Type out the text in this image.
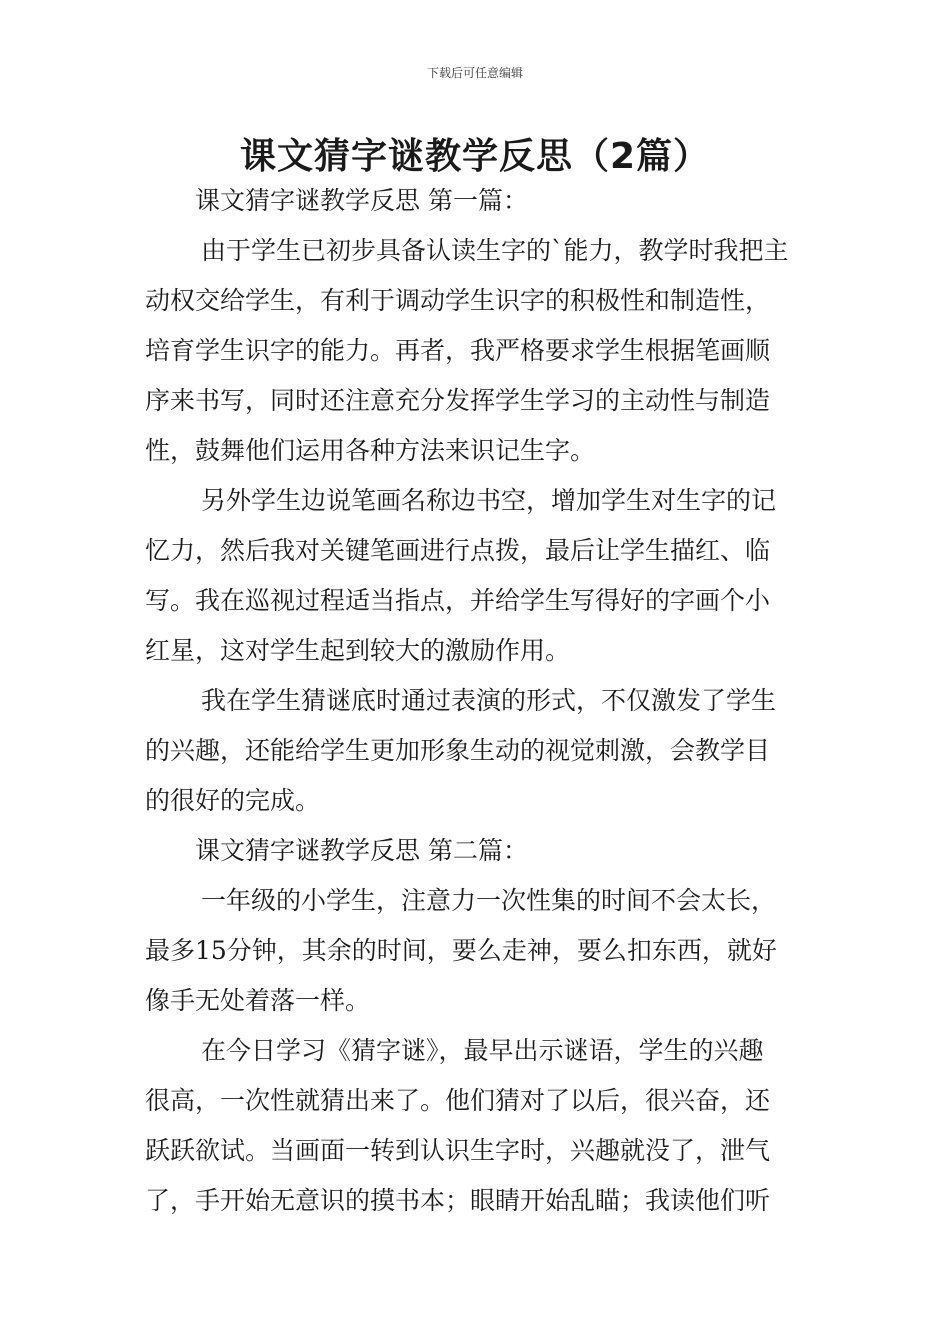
下载后可任意编辑
课文猜字谜教学反思（2篇）
课文猜字谜教学反思 第一篇：
由于学生已初步具备认读生字的`能力，教学时我把主
动权交给学生，有利于调动学生识字的积极性和制造性，
培育学生识字的能力。再者，我严格要求学生根据笔画顺
序来书写，同时还注意充分发挥学生学习的主动性与制造
性，鼓舞他们运用各种方法来识记生字。
另外学生边说笔画名称边书空，增加学生对生字的记
忆力，然后我对关键笔画进行点拨，最后让学生描红、临
写。我在巡视过程适当指点，并给学生写得好的字画个小
红星，这对学生起到较大的激励作用。
我在学生猜谜底时通过表演的形式，不仅激发了学生
的兴趣，还能给学生更加形象生动的视觉刺激，会教学目
的很好的完成。
课文猜字谜教学反思 第二篇：
一年级的小学生，注意力一次性集的时间不会太长，
最多15分钟，其余的时间，要么走神，要么扣东西，就好
像手无处着落一样。
在今日学习《猜字谜》，最早出示谜语，学生的兴趣
很高，一次性就猜出来了。他们猜对了以后，很兴奋，还
跃跃欲试。当画面一转到认识生字时，兴趣就没了，泄气
了，手开始无意识的摸书本；眼睛开始乱瞄；我读他们听
